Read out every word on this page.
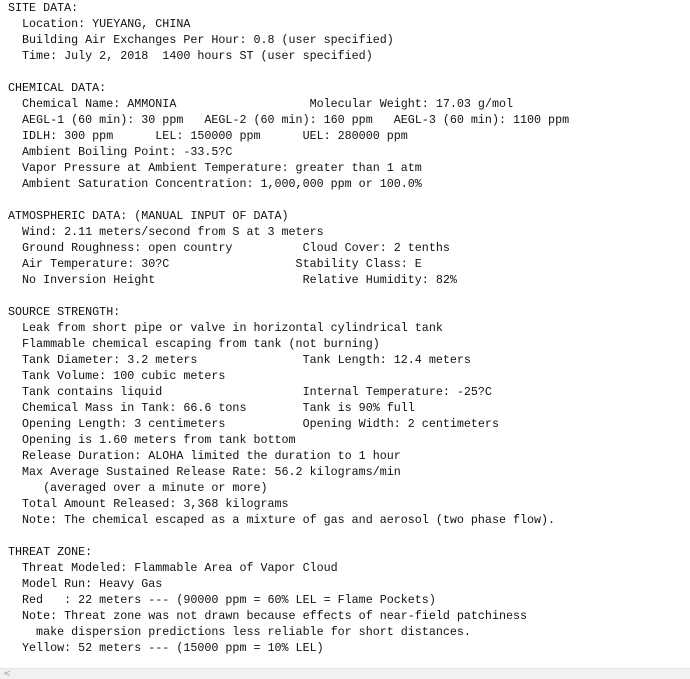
SITE DATA:
Location: YUEYANG, CHINA
Building Air Exchanges Per Hour: 0.8 (user specified)
Time: July 2, 2018  1400 hours ST (user specified)
CHEMICAL DATA:
Chemical Name: AMMONIA                   Molecular Weight: 17.03 g/mol
AEGL-1 (60 min): 30 ppm   AEGL-2 (60 min): 160 ppm   AEGL-3 (60 min): 1100 ppm
IDLH: 300 ppm      LEL: 150000 ppm      UEL: 280000 ppm
Ambient Boiling Point: -33.5?C
Vapor Pressure at Ambient Temperature: greater than 1 atm
Ambient Saturation Concentration: 1,000,000 ppm or 100.0%
ATMOSPHERIC DATA: (MANUAL INPUT OF DATA)
Wind: 2.11 meters/second from S at 3 meters
Ground Roughness: open country          Cloud Cover: 2 tenths
Air Temperature: 30?C                  Stability Class: E
No Inversion Height                     Relative Humidity: 82%
SOURCE STRENGTH:
Leak from short pipe or valve in horizontal cylindrical tank
Flammable chemical escaping from tank (not burning)
Tank Diameter: 3.2 meters               Tank Length: 12.4 meters
Tank Volume: 100 cubic meters
Tank contains liquid                    Internal Temperature: -25?C
Chemical Mass in Tank: 66.6 tons        Tank is 90% full
Opening Length: 3 centimeters           Opening Width: 2 centimeters
Opening is 1.60 meters from tank bottom
Release Duration: ALOHA limited the duration to 1 hour
Max Average Sustained Release Rate: 56.2 kilograms/min
(averaged over a minute or more)
Total Amount Released: 3,368 kilograms
Note: The chemical escaped as a mixture of gas and aerosol (two phase flow).
THREAT ZONE:
Threat Modeled: Flammable Area of Vapor Cloud
Model Run: Heavy Gas
Red   : 22 meters --- (90000 ppm = 60% LEL = Flame Pockets)
Note: Threat zone was not drawn because effects of near-field patchiness
make dispersion predictions less reliable for short distances.
Yellow: 52 meters --- (15000 ppm = 10% LEL)
<
